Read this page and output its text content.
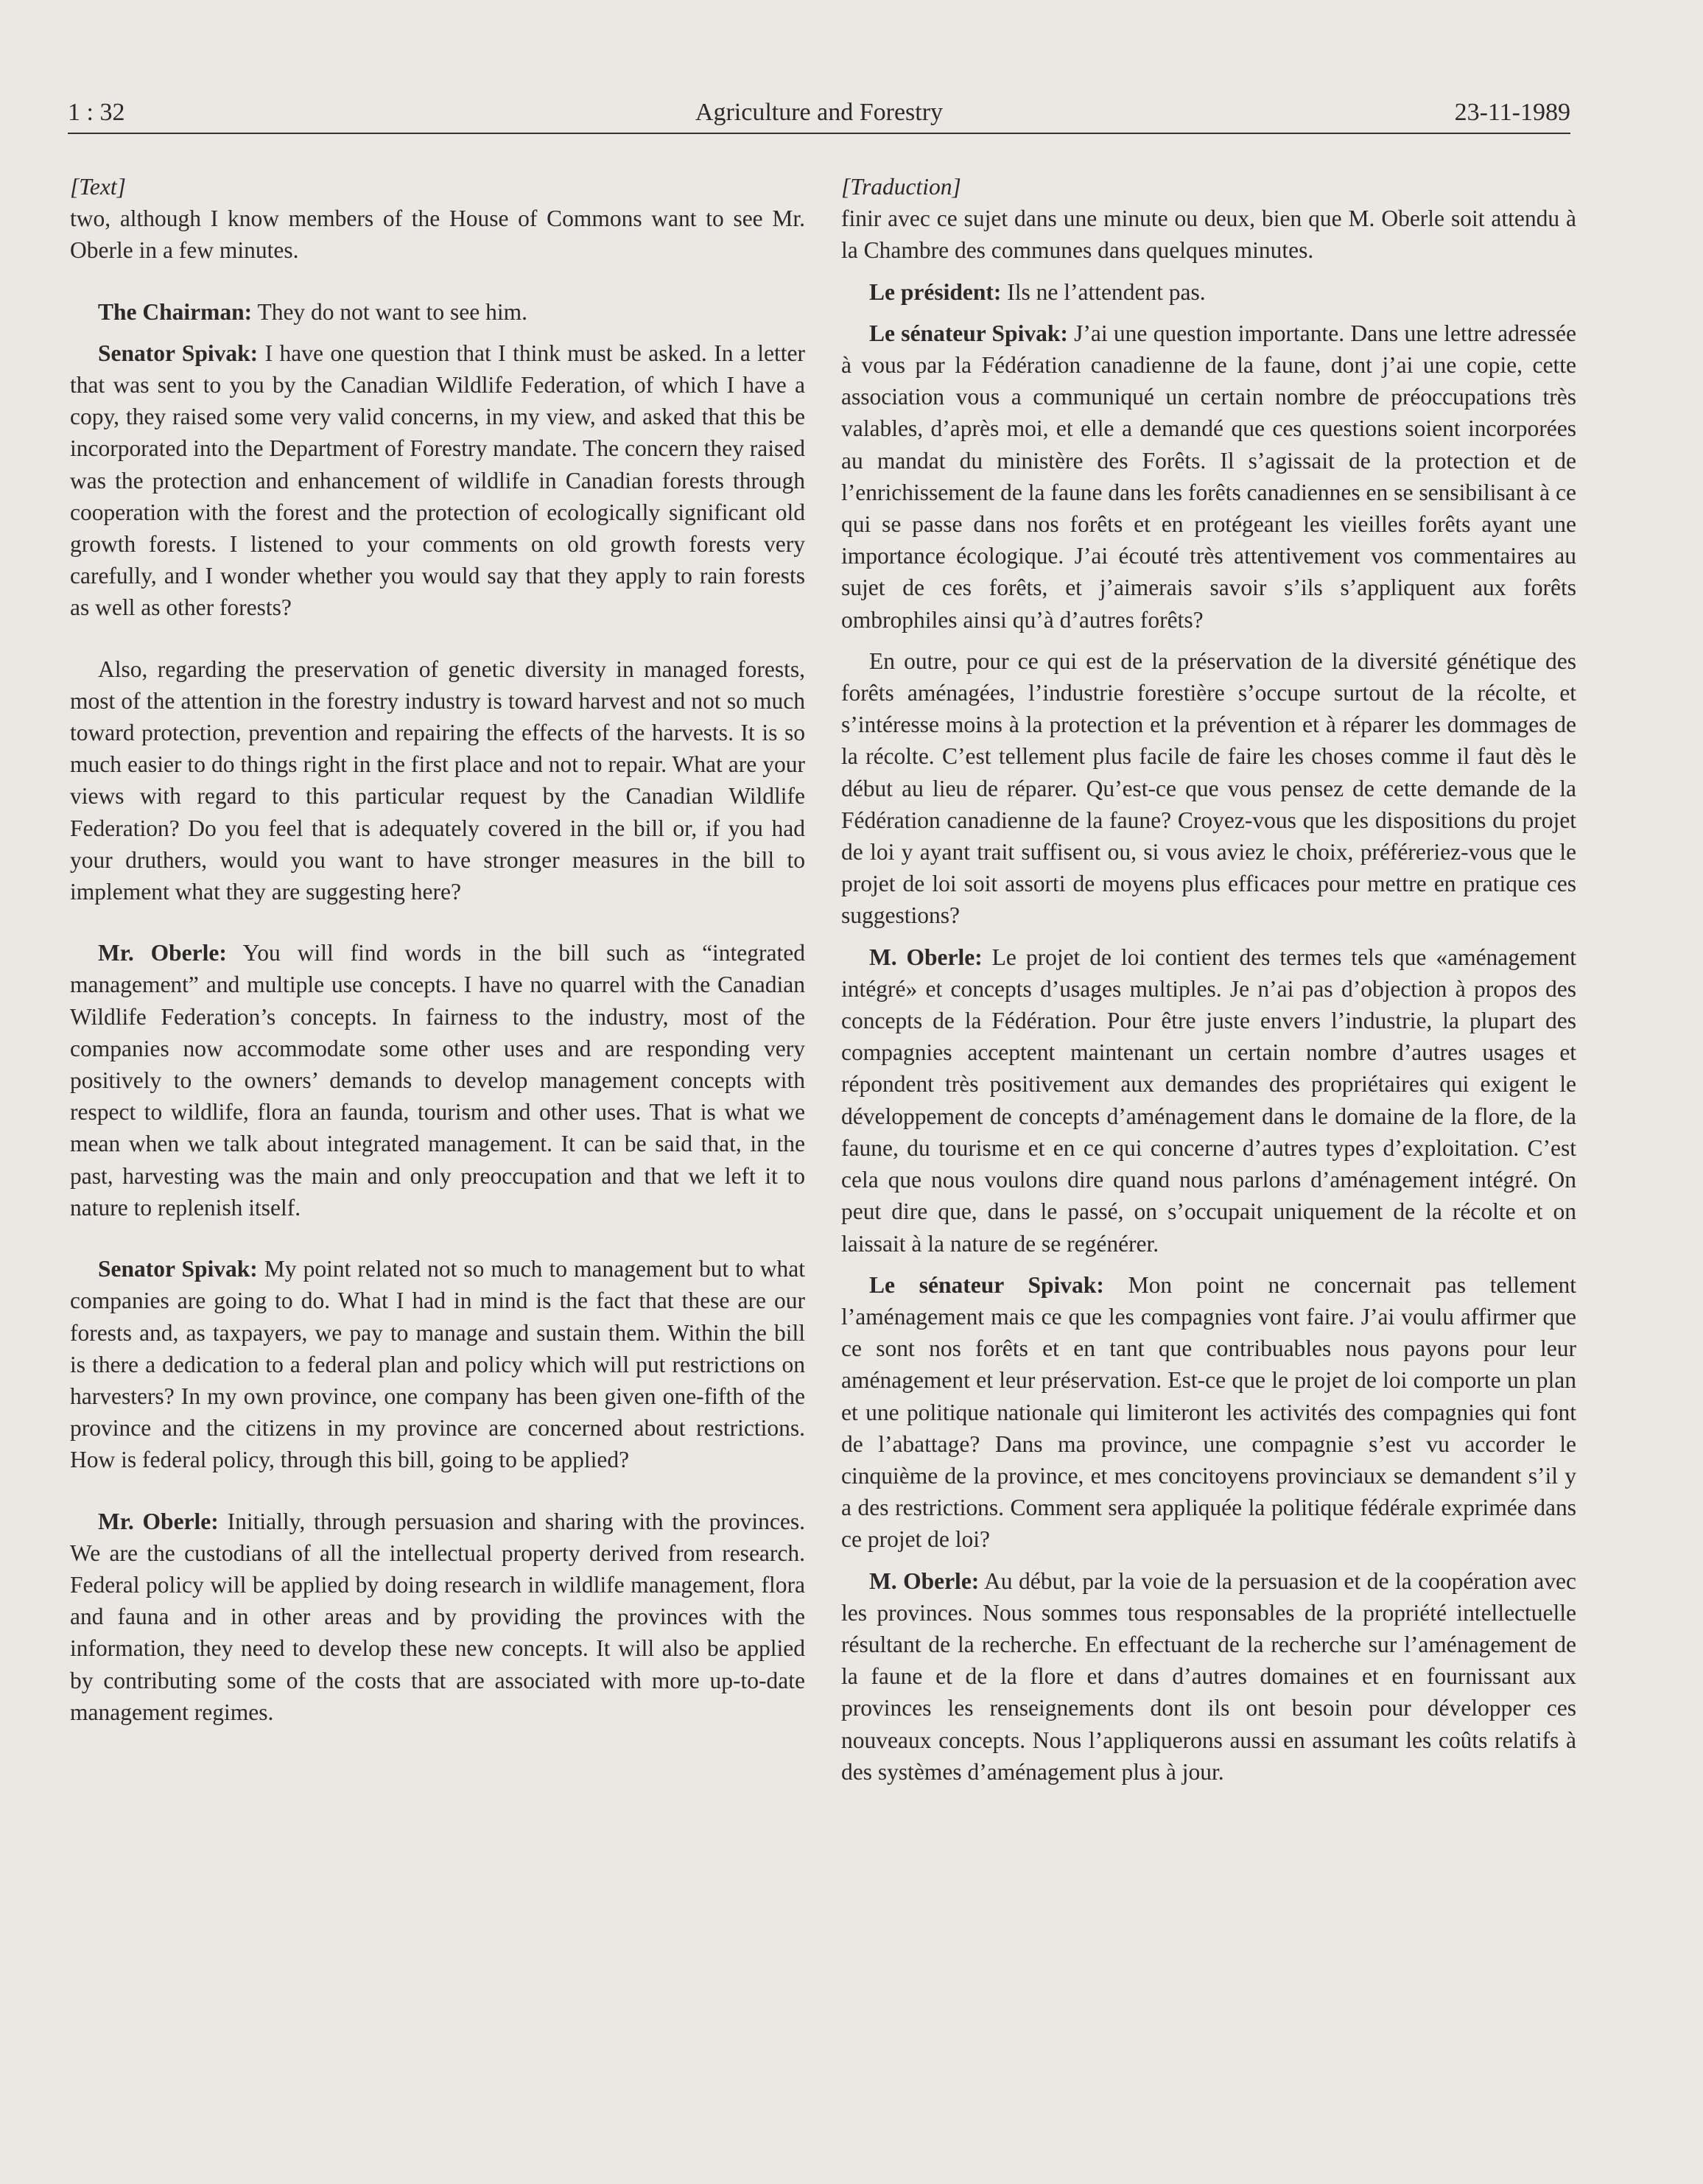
1 : 32	Agriculture and Forestry	23-11-1989

[Text]

two, although I know members of the House of Commons want to see Mr. Oberle in a few minutes.

The Chairman: They do not want to see him.

Senator Spivak: I have one question that I think must be asked. In a letter that was sent to you by the Canadian Wildlife Federation, of which I have a copy, they raised some very valid concerns, in my view, and asked that this be incorporated into the Department of Forestry mandate. The concern they raised was the protection and enhancement of wildlife in Canadian forests through cooperation with the forest and the protection of ecologically significant old growth forests. I listened to your comments on old growth forests very carefully, and I wonder whether you would say that they apply to rain forests as well as other forests?

Also, regarding the preservation of genetic diversity in managed forests, most of the attention in the forestry industry is toward harvest and not so much toward protection, prevention and repairing the effects of the harvests. It is so much easier to do things right in the first place and not to repair. What are your views with regard to this particular request by the Canadian Wildlife Federation? Do you feel that is adequately covered in the bill or, if you had your druthers, would you want to have stronger measures in the bill to implement what they are suggesting here?

Mr. Oberle: You will find words in the bill such as “integrated management” and multiple use concepts. I have no quarrel with the Canadian Wildlife Federation’s concepts. In fairness to the industry, most of the companies now accommodate some other uses and are responding very positively to the owners’ demands to develop management concepts with respect to wildlife, flora an faunda, tourism and other uses. That is what we mean when we talk about integrated management. It can be said that, in the past, harvesting was the main and only preoccupation and that we left it to nature to replenish itself.

Senator Spivak: My point related not so much to management but to what companies are going to do. What I had in mind is the fact that these are our forests and, as taxpayers, we pay to manage and sustain them. Within the bill is there a dedication to a federal plan and policy which will put restrictions on harvesters? In my own province, one company has been given one-fifth of the province and the citizens in my province are concerned about restrictions. How is federal policy, through this bill, going to be applied?

Mr. Oberle: Initially, through persuasion and sharing with the provinces. We are the custodians of all the intellectual property derived from research. Federal policy will be applied by doing research in wildlife management, flora and fauna and in other areas and by providing the provinces with the information, they need to develop these new concepts. It will also be applied by contributing some of the costs that are associated with more up-to-date management regimes.

[Traduction]

finir avec ce sujet dans une minute ou deux, bien que M. Oberle soit attendu à la Chambre des communes dans quelques minutes.

Le président: Ils ne l’attendent pas.

Le sénateur Spivak: J’ai une question importante. Dans une lettre adressée à vous par la Fédération canadienne de la faune, dont j’ai une copie, cette association vous a communiqué un certain nombre de préoccupations très valables, d’après moi, et elle a demandé que ces questions soient incorporées au mandat du ministère des Forêts. Il s’agissait de la protection et de l’enrichissement de la faune dans les forêts canadiennes en se sensibilisant à ce qui se passe dans nos forêts et en protégeant les vieilles forêts ayant une importance écologique. J’ai écouté très attentivement vos commentaires au sujet de ces forêts, et j’aimerais savoir s’ils s’appliquent aux forêts ombrophiles ainsi qu’à d’autres forêts?

En outre, pour ce qui est de la préservation de la diversité génétique des forêts aménagées, l’industrie forestière s’occupe surtout de la récolte, et s’intéresse moins à la protection et la prévention et à réparer les dommages de la récolte. C’est tellement plus facile de faire les choses comme il faut dès le début au lieu de réparer. Qu’est-ce que vous pensez de cette demande de la Fédération canadienne de la faune? Croyez-vous que les dispositions du projet de loi y ayant trait suffisent ou, si vous aviez le choix, préféreriez-vous que le projet de loi soit assorti de moyens plus efficaces pour mettre en pratique ces suggestions?

M. Oberle: Le projet de loi contient des termes tels que «aménagement intégré» et concepts d’usages multiples. Je n’ai pas d’objection à propos des concepts de la Fédération. Pour être juste envers l’industrie, la plupart des compagnies acceptent maintenant un certain nombre d’autres usages et répondent très positivement aux demandes des propriétaires qui exigent le développement de concepts d’aménagement dans le domaine de la flore, de la faune, du tourisme et en ce qui concerne d’autres types d’exploitation. C’est cela que nous voulons dire quand nous parlons d’aménagement intégré. On peut dire que, dans le passé, on s’occupait uniquement de la récolte et on laissait à la nature de se regénérer.

Le sénateur Spivak: Mon point ne concernait pas tellement l’aménagement mais ce que les compagnies vont faire. J’ai voulu affirmer que ce sont nos forêts et en tant que contribuables nous payons pour leur aménagement et leur préservation. Est-ce que le projet de loi comporte un plan et une politique nationale qui limiteront les activités des compagnies qui font de l’abattage? Dans ma province, une compagnie s’est vu accorder le cinquième de la province, et mes concitoyens provinciaux se demandent s’il y a des restrictions. Comment sera appliquée la politique fédérale exprimée dans ce projet de loi?

M. Oberle: Au début, par la voie de la persuasion et de la coopération avec les provinces. Nous sommes tous responsables de la propriété intellectuelle résultant de la recherche. En effectuant de la recherche sur l’aménagement de la faune et de la flore et dans d’autres domaines et en fournissant aux provinces les renseignements dont ils ont besoin pour développer ces nouveaux concepts. Nous l’appliquerons aussi en assumant les coûts relatifs à des systèmes d’aménagement plus à jour.
